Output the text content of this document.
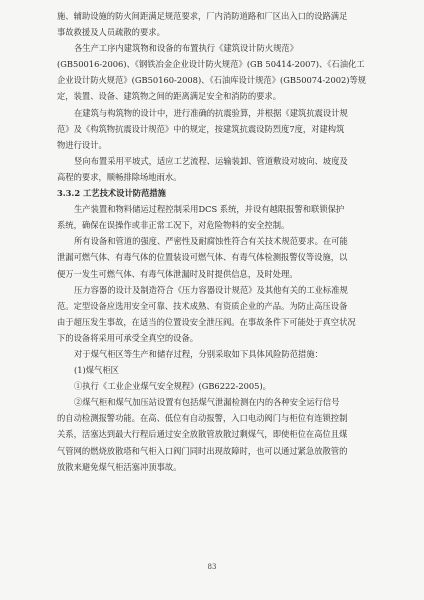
施、辅助设施的防火间距满足规范要求，厂内消防道路和厂区出入口的设路满足
事故救援及人员疏散的要求。
各生产工序内建筑物和设备的布置执行《建筑设计防火规范》
(GB50016-2006)、《钢铁冶金企业设计防火规范》(GB 50414-2007)、《石油化工
企业设计防火规范》(GB50160-2008)、《石油库设计规范》(GB50074-2002)等规
定，装置、设备、建筑物之间的距离满足安全和消防的要求。
在建筑与构筑物的设计中，进行准确的抗震验算，并根据《建筑抗震设计规
范》及《构筑物抗震设计规范》中的规定，按建筑抗震设防烈度7度，对建构筑
物进行设计。
竖向布置采用平坡式，适应工艺流程、运输装卸、管道敷设对坡向、坡度及
高程的要求，顺畅排除场地雨水。
3.3.2 工艺技术设计防范措施
生产装置和物料储运过程控制采用DCS 系统，并设有越限报警和联锁保护
系统，确保在误操作或非正常工况下，对危险物料的安全控制。
所有设备和管道的强度、严密性及耐腐蚀性符合有关技术规范要求。在可能
泄漏可燃气体、有毒气体的位置装设可燃气体、有毒气体检测报警仪等设施，以
便万一发生可燃气体、有毒气体泄漏时及时提供信息，及时处理。
压力容器的设计及制造符合《压力容器设计规范》及其他有关的工业标准规
范。定型设备应选用安全可靠、技术成熟、有资质企业的产品。为防止高压设备
由于超压发生事故，在适当的位置设安全泄压阀。在事故条件下可能处于真空状况
下的设备将采用可承受全真空的设备。
对于煤气柜区等生产和储存过程，分别采取如下具体风险防范措施：
(1)煤气柜区
①执行《工业企业煤气安全规程》(GB6222-2005)。
②煤气柜和煤气加压站设置有包括煤气泄漏检测在内的各种安全运行信号
的自动检测报警功能。在高、低位有自动报警，入口电动阀门与柜位有连锁控制
关系，活塞达到最大行程后通过安全放散管放散过剩煤气，即使柜位在高位且煤
气管网的燃烧放散塔和气柜入口阀门同时出现故障时，也可以通过紧急放散管的
放散来避免煤气柜活塞冲顶事故。
83
